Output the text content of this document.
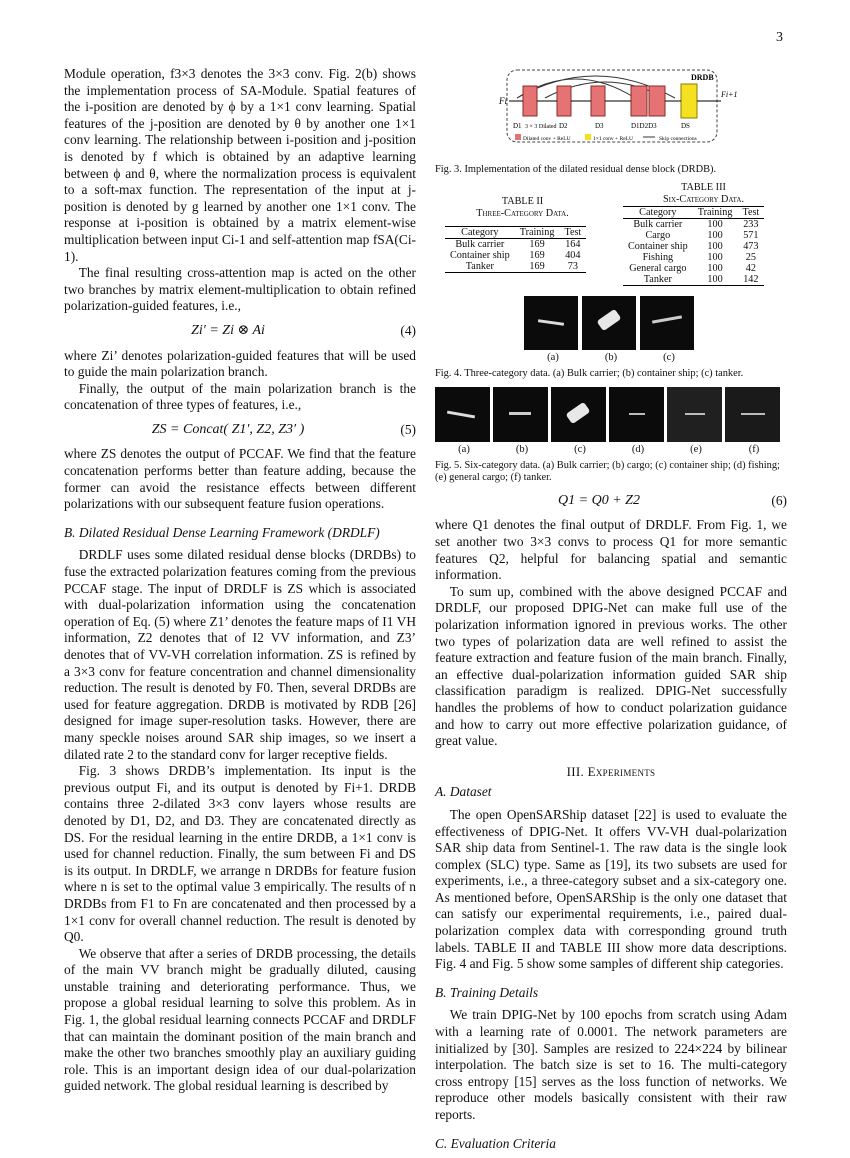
3

Module operation, f3×3 denotes the 3×3 conv. Fig. 2(b) shows the implementation process of SA-Module. Spatial features of the i-position are denoted by ϕ by a 1×1 conv learning. Spatial features of the j-position are denoted by θ by another one 1×1 conv learning. The relationship between i-position and j-position is denoted by f which is obtained by an adaptive learning between ϕ and θ, where the normalization process is equivalent to a soft-max function. The representation of the input at j-position is denoted by g learned by another one 1×1 conv. The response at i-position is obtained by a matrix element-wise multiplication between input Ci-1 and self-attention map fSA(Ci-1).

The final resulting cross-attention map is acted on the other two branches by matrix element-multiplication to obtain refined polarization-guided features, i.e.,

Zi′ = Zi ⊗ Ai	(4)

where Zi’ denotes polarization-guided features that will be used to guide the main polarization branch.

Finally, the output of the main polarization branch is the concatenation of three types of features, i.e.,

ZS = Concat( Z1′, Z2, Z3′ )	(5)

where ZS denotes the output of PCCAF. We find that the feature concatenation performs better than feature adding, because the former can avoid the resistance effects between different polarizations with our subsequent feature fusion operations.

B. Dilated Residual Dense Learning Framework (DRDLF)

DRDLF uses some dilated residual dense blocks (DRDBs) to fuse the extracted polarization features coming from the previous PCCAF stage. The input of DRDLF is ZS which is associated with dual-polarization information using the concatenation operation of Eq. (5) where Z1’ denotes the feature maps of I1 VH information, Z2 denotes that of I2 VV information, and Z3’ denotes that of VV-VH correlation information. ZS is refined by a 3×3 conv for feature concentration and channel dimensionality reduction. The result is denoted by F0. Then, several DRDBs are used for feature aggregation. DRDB is motivated by RDB [26] designed for image super-resolution tasks. However, there are many speckle noises around SAR ship images, so we insert a dilated rate 2 to the standard conv for larger receptive fields.

Fig. 3 shows DRDB’s implementation. Its input is the previous output Fi, and its output is denoted by Fi+1. DRDB contains three 2-dilated 3×3 conv layers whose results are denoted by D1, D2, and D3. They are concatenated directly as DS. For the residual learning in the entire DRDB, a 1×1 conv is used for channel reduction. Finally, the sum between Fi and DS is its output. In DRDLF, we arrange n DRDBs for feature fusion where n is set to the optimal value 3 empirically. The results of n DRDBs from F1 to Fn are concatenated and then processed by a 1×1 conv for overall channel reduction. The result is denoted by Q0.

We observe that after a series of DRDB processing, the details of the main VV branch might be gradually diluted, causing unstable training and deteriorating performance. Thus, we propose a global residual learning to solve this problem. As in Fig. 1, the global residual learning connects PCCAF and DRDLF that can maintain the dominant position of the main branch and make the other two branches smoothly play an auxiliary guiding role. This is an important design idea of our dual-polarization guided network. The global residual learning is described by

Fi
Fi+1
DRDB
D1 3 × 3 Dilated D2	D3	D1D2D3	DS
Dilated conv + ReLU	1×1 conv + ReLU	Skip connections
Fig. 3. Implementation of the dilated residual dense block (DRDB).
TABLE II
Three-Category Data.
Category	Training	Test
Bulk carrier	169	164
Container ship	169	404
Tanker	169	73
TABLE III
Six-Category Data.
Category	Training	Test
Bulk carrier	100	233
Cargo	100	571
Container ship	100	473
Fishing	100	25
General cargo	100	42
Tanker	100	142
(a)	(b)	(c)
Fig. 4. Three-category data. (a) Bulk carrier; (b) container ship; (c) tanker.
(a)	(b)	(c)	(d)	(e)	(f)
Fig. 5. Six-category data. (a) Bulk carrier; (b) cargo; (c) container ship; (d) fishing; (e) general cargo; (f) tanker.
Q1 = Q0 + Z2	(6)

where Q1 denotes the final output of DRDLF. From Fig. 1, we set another two 3×3 convs to process Q1 for more semantic features Q2, helpful for balancing spatial and semantic information.

To sum up, combined with the above designed PCCAF and DRDLF, our proposed DPIG-Net can make full use of the polarization information ignored in previous works. The other two types of polarization data are well refined to assist the feature extraction and feature fusion of the main branch. Finally, an effective dual-polarization information guided SAR ship classification paradigm is realized. DPIG-Net successfully handles the problems of how to conduct polarization guidance and how to carry out more effective polarization guidance, of great value.

III. Experiments
A. Dataset

The open OpenSARShip dataset [22] is used to evaluate the effectiveness of DPIG-Net. It offers VV-VH dual-polarization SAR ship data from Sentinel-1. The raw data is the single look complex (SLC) type. Same as [19], its two subsets are used for experiments, i.e., a three-category subset and a six-category one. As mentioned before, OpenSARShip is the only one dataset that can satisfy our experimental requirements, i.e., paired dual-polarization complex data with corresponding ground truth labels. TABLE II and TABLE III show more data descriptions. Fig. 4 and Fig. 5 show some samples of different ship categories.

B. Training Details

We train DPIG-Net by 100 epochs from scratch using Adam with a learning rate of 0.0001. The network parameters are initialized by [30]. Samples are resized to 224×224 by bilinear interpolation. The batch size is set to 16. The multi-category cross entropy [15] serves as the loss function of networks. We reproduce other models basically consistent with their raw reports.

C. Evaluation Criteria
